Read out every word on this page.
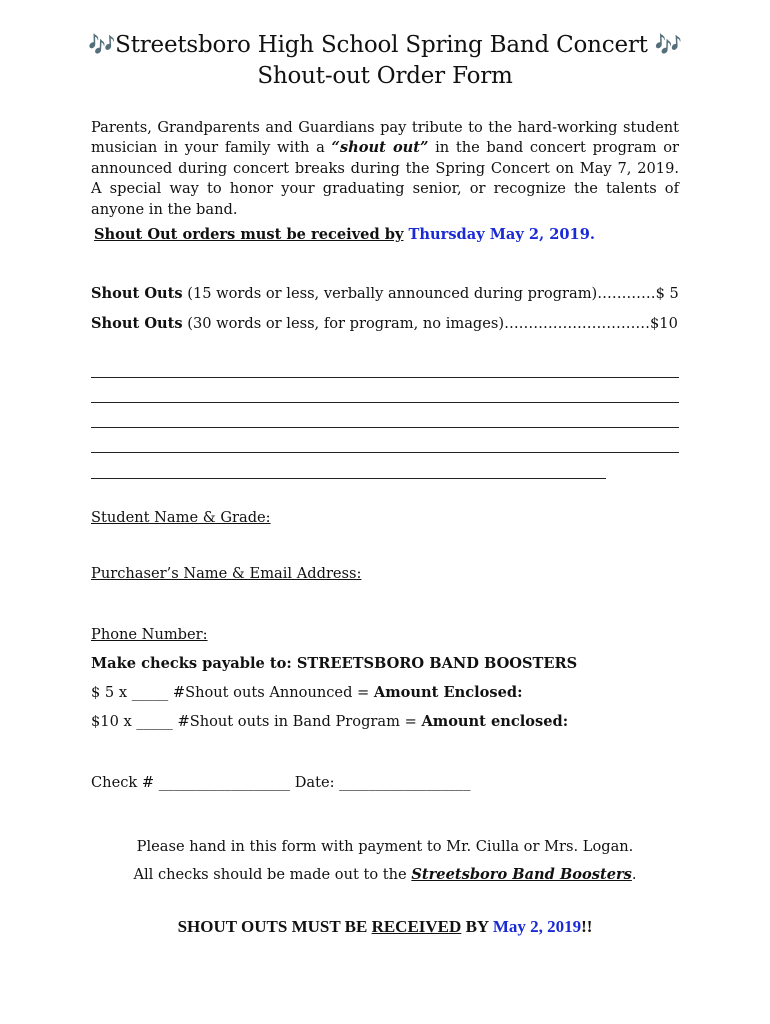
🎶Streetsboro High School Spring Band Concert 🎶
Shout-out Order Form
Parents, Grandparents and Guardians pay tribute to the hard-working student musician in your family with a “shout out” in the band concert program or announced during concert breaks during the Spring Concert on May 7, 2019. A special way to honor your graduating senior, or recognize the talents of anyone in the band.
Shout Out orders must be received by Thursday May 2, 2019.
Shout Outs (15 words or less, verbally announced during program)…………$ 5
Shout Outs (30 words or less, for program, no images)…………………………$10
Student Name & Grade:
Purchaser’s Name & Email Address:
Phone Number:
Make checks payable to: STREETSBORO BAND BOOSTERS
$ 5 x _____ #Shout outs Announced = Amount Enclosed:
$10 x _____ #Shout outs in Band Program = Amount enclosed:
Check # __________________ Date: __________________
Please hand in this form with payment to Mr. Ciulla or Mrs. Logan.
All checks should be made out to the Streetsboro Band Boosters.
SHOUT OUTS MUST BE RECEIVED BY May 2, 2019!!
